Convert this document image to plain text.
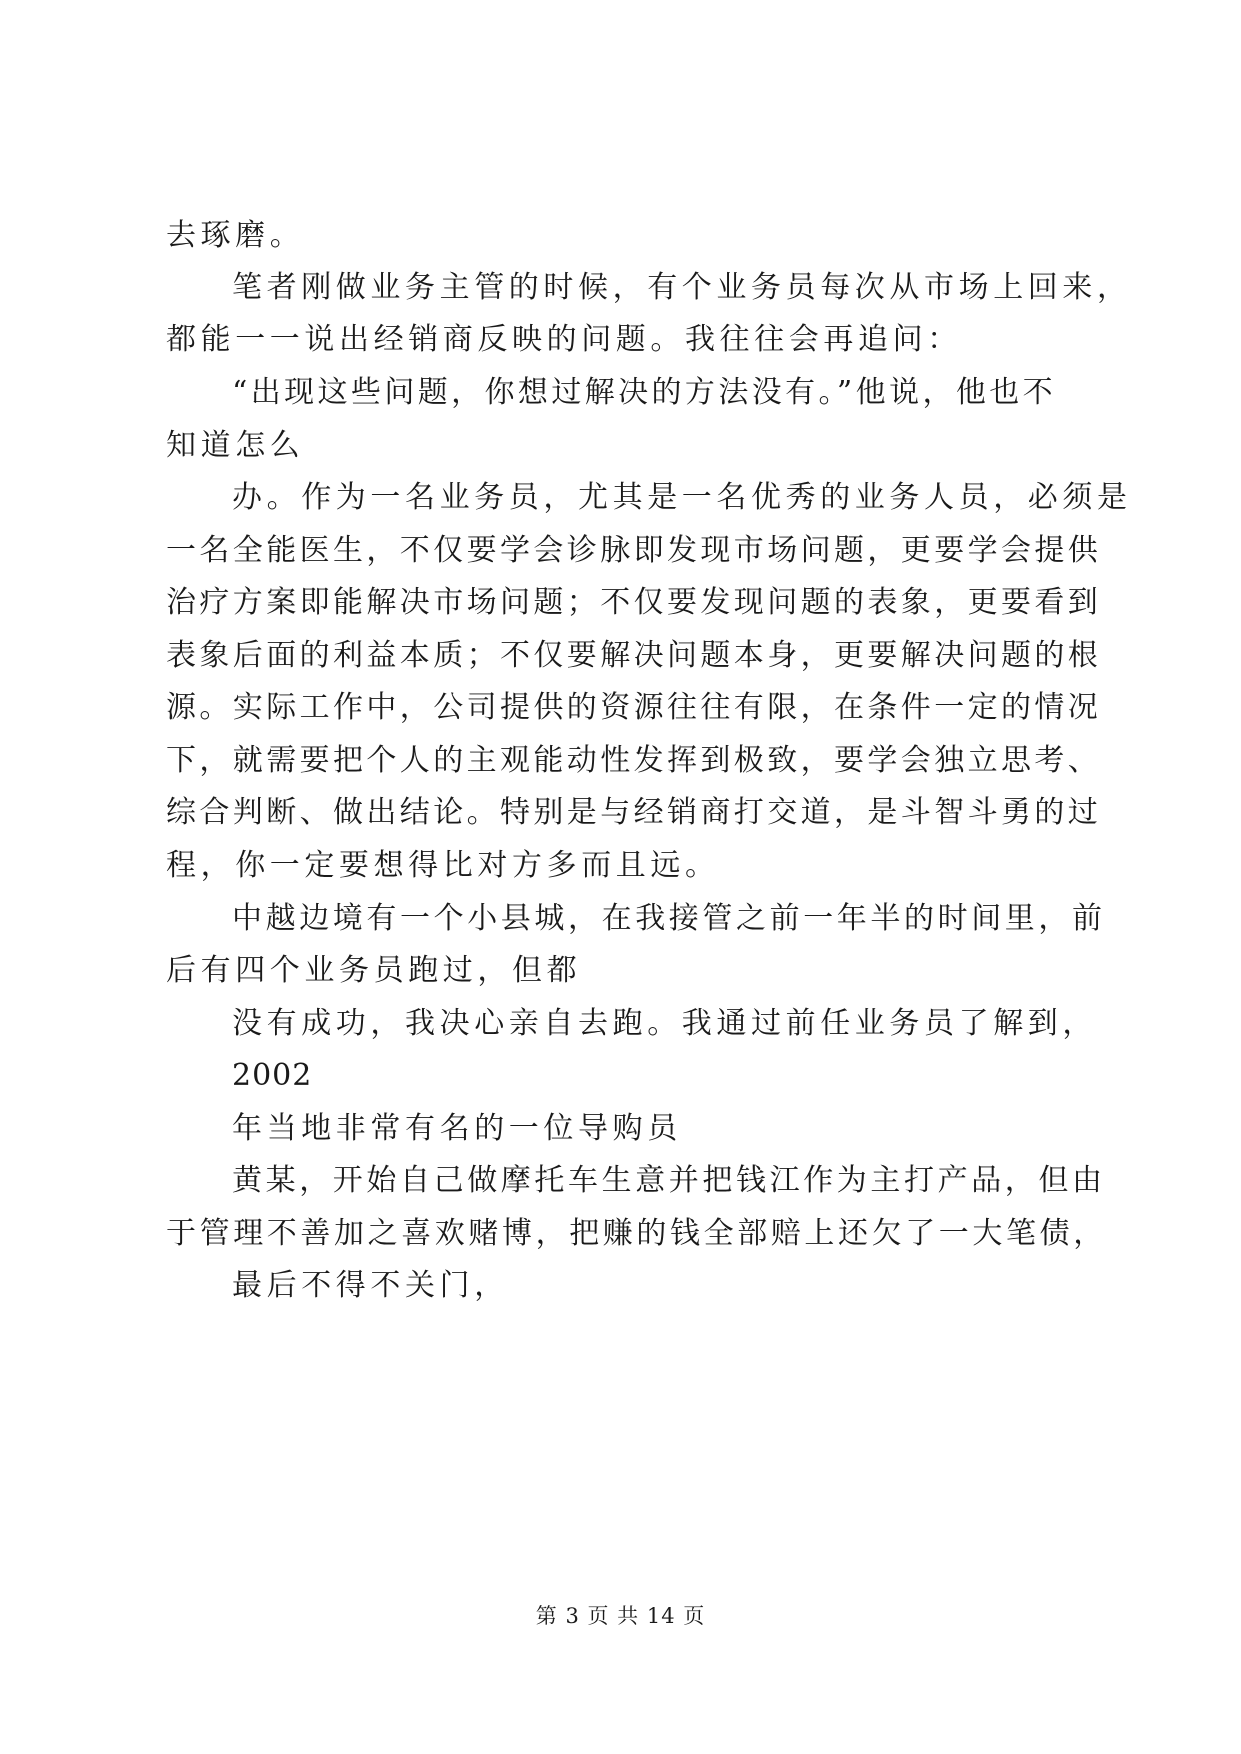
去琢磨。
笔者刚做业务主管的时候，有个业务员每次从市场上回来，
都能一一说出经销商反映的问题。我往往会再追问：
“出现这些问题，你想过解决的方法没有。”他说，他也不
知道怎么
办。作为一名业务员，尤其是一名优秀的业务人员，必须是
一名全能医生，不仅要学会诊脉即发现市场问题，更要学会提供
治疗方案即能解决市场问题；不仅要发现问题的表象，更要看到
表象后面的利益本质；不仅要解决问题本身，更要解决问题的根
源。实际工作中，公司提供的资源往往有限，在条件一定的情况
下，就需要把个人的主观能动性发挥到极致，要学会独立思考、
综合判断、做出结论。特别是与经销商打交道，是斗智斗勇的过
程，你一定要想得比对方多而且远。
中越边境有一个小县城，在我接管之前一年半的时间里，前
后有四个业务员跑过，但都
没有成功，我决心亲自去跑。我通过前任业务员了解到，
2002
年当地非常有名的一位导购员
黄某，开始自己做摩托车生意并把钱江作为主打产品，但由
于管理不善加之喜欢赌博，把赚的钱全部赔上还欠了一大笔债，
最后不得不关门，
第 3 页 共 14 页
